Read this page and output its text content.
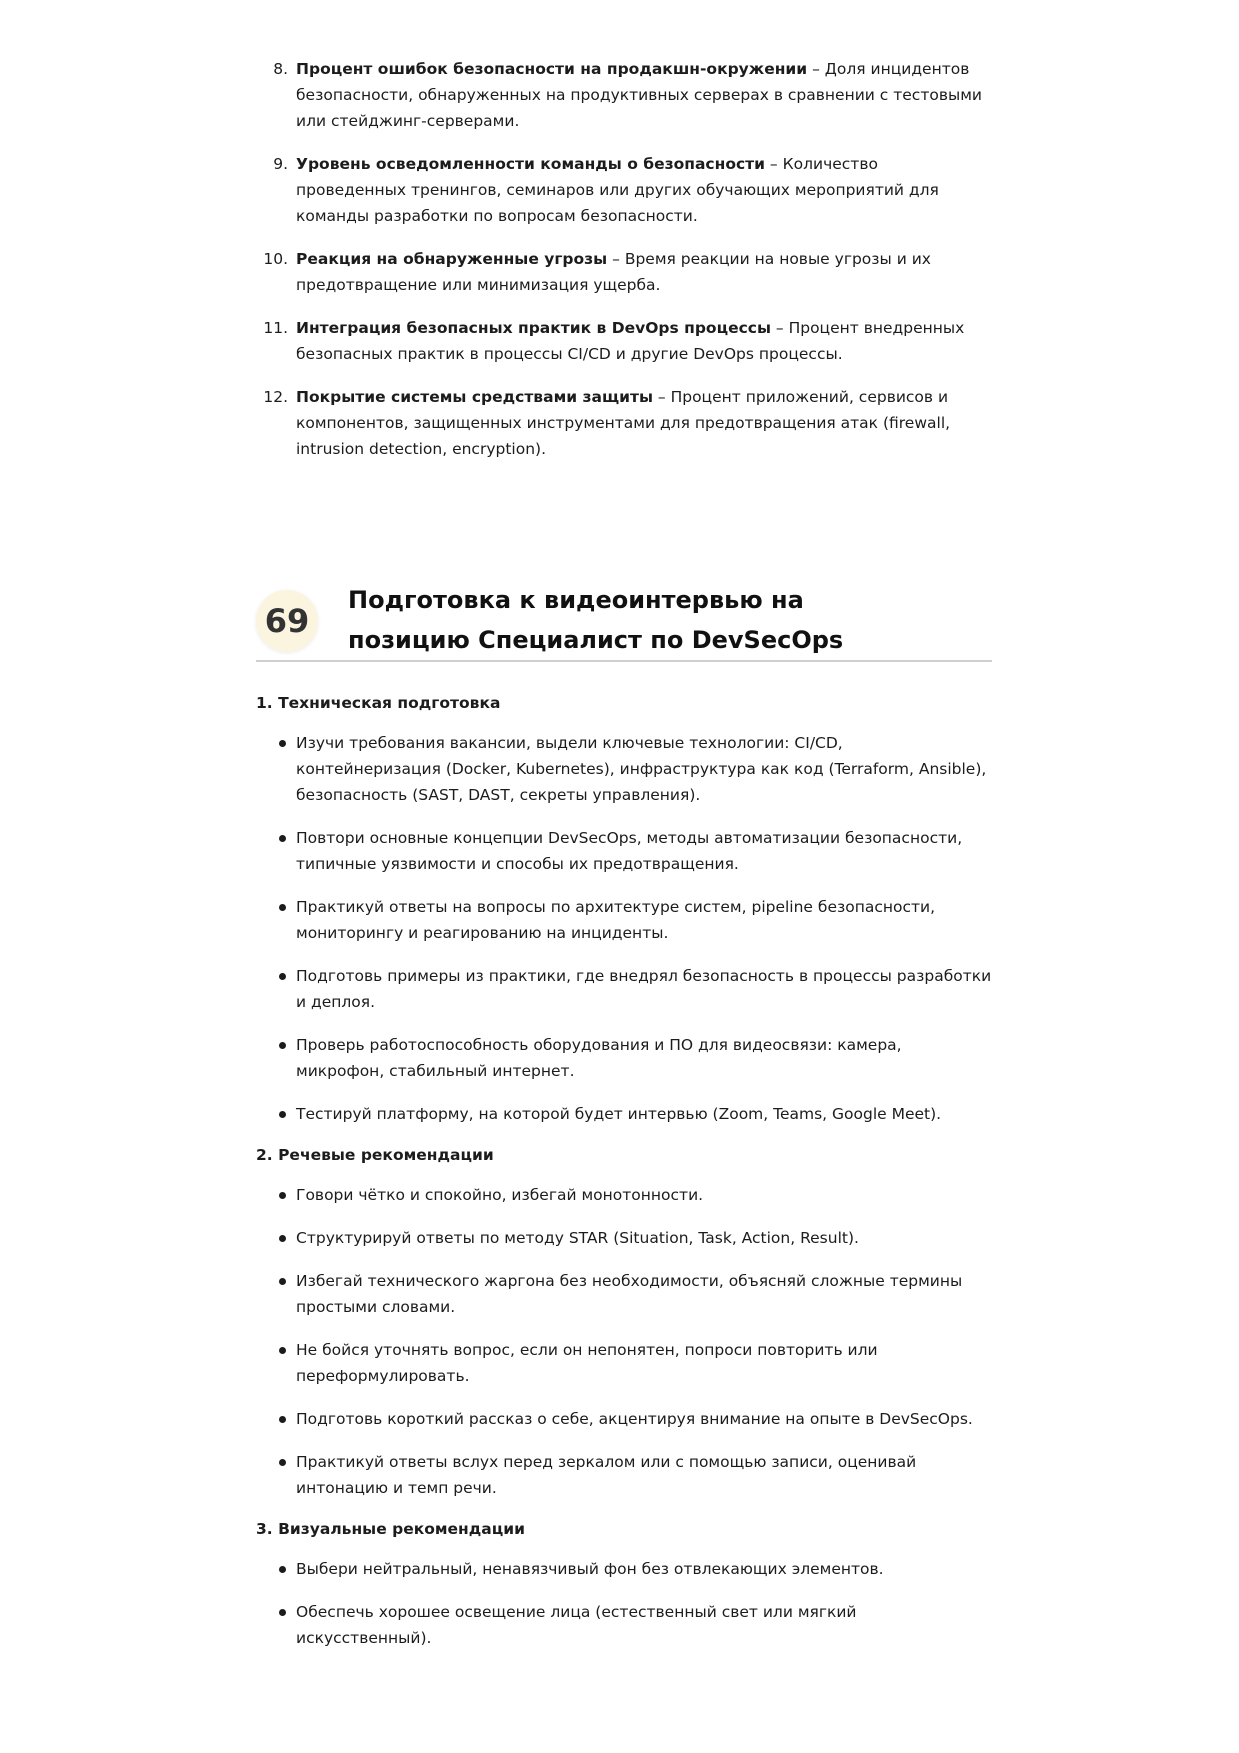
8. Процент ошибок безопасности на продакшн-окружении – Доля инцидентов безопасности, обнаруженных на продуктивных серверах в сравнении с тестовыми или стейджинг-серверами.
9. Уровень осведомленности команды о безопасности – Количество проведенных тренингов, семинаров или других обучающих мероприятий для команды разработки по вопросам безопасности.
10. Реакция на обнаруженные угрозы – Время реакции на новые угрозы и их предотвращение или минимизация ущерба.
11. Интеграция безопасных практик в DevOps процессы – Процент внедренных безопасных практик в процессы CI/CD и другие DevOps процессы.
12. Покрытие системы средствами защиты – Процент приложений, сервисов и компонентов, защищенных инструментами для предотвращения атак (firewall, intrusion detection, encryption).
69
Подготовка к видеоинтервью на позицию Специалист по DevSecOps
1. Техническая подготовка
Изучи требования вакансии, выдели ключевые технологии: CI/CD, контейнеризация (Docker, Kubernetes), инфраструктура как код (Terraform, Ansible), безопасность (SAST, DAST, секреты управления).
Повтори основные концепции DevSecOps, методы автоматизации безопасности, типичные уязвимости и способы их предотвращения.
Практикуй ответы на вопросы по архитектуре систем, pipeline безопасности, мониторингу и реагированию на инциденты.
Подготовь примеры из практики, где внедрял безопасность в процессы разработки и деплоя.
Проверь работоспособность оборудования и ПО для видеосвязи: камера, микрофон, стабильный интернет.
Тестируй платформу, на которой будет интервью (Zoom, Teams, Google Meet).
2. Речевые рекомендации
Говори чётко и спокойно, избегай монотонности.
Структурируй ответы по методу STAR (Situation, Task, Action, Result).
Избегай технического жаргона без необходимости, объясняй сложные термины простыми словами.
Не бойся уточнять вопрос, если он непонятен, попроси повторить или переформулировать.
Подготовь короткий рассказ о себе, акцентируя внимание на опыте в DevSecOps.
Практикуй ответы вслух перед зеркалом или с помощью записи, оценивай интонацию и темп речи.
3. Визуальные рекомендации
Выбери нейтральный, ненавязчивый фон без отвлекающих элементов.
Обеспечь хорошее освещение лица (естественный свет или мягкий искусственный).
